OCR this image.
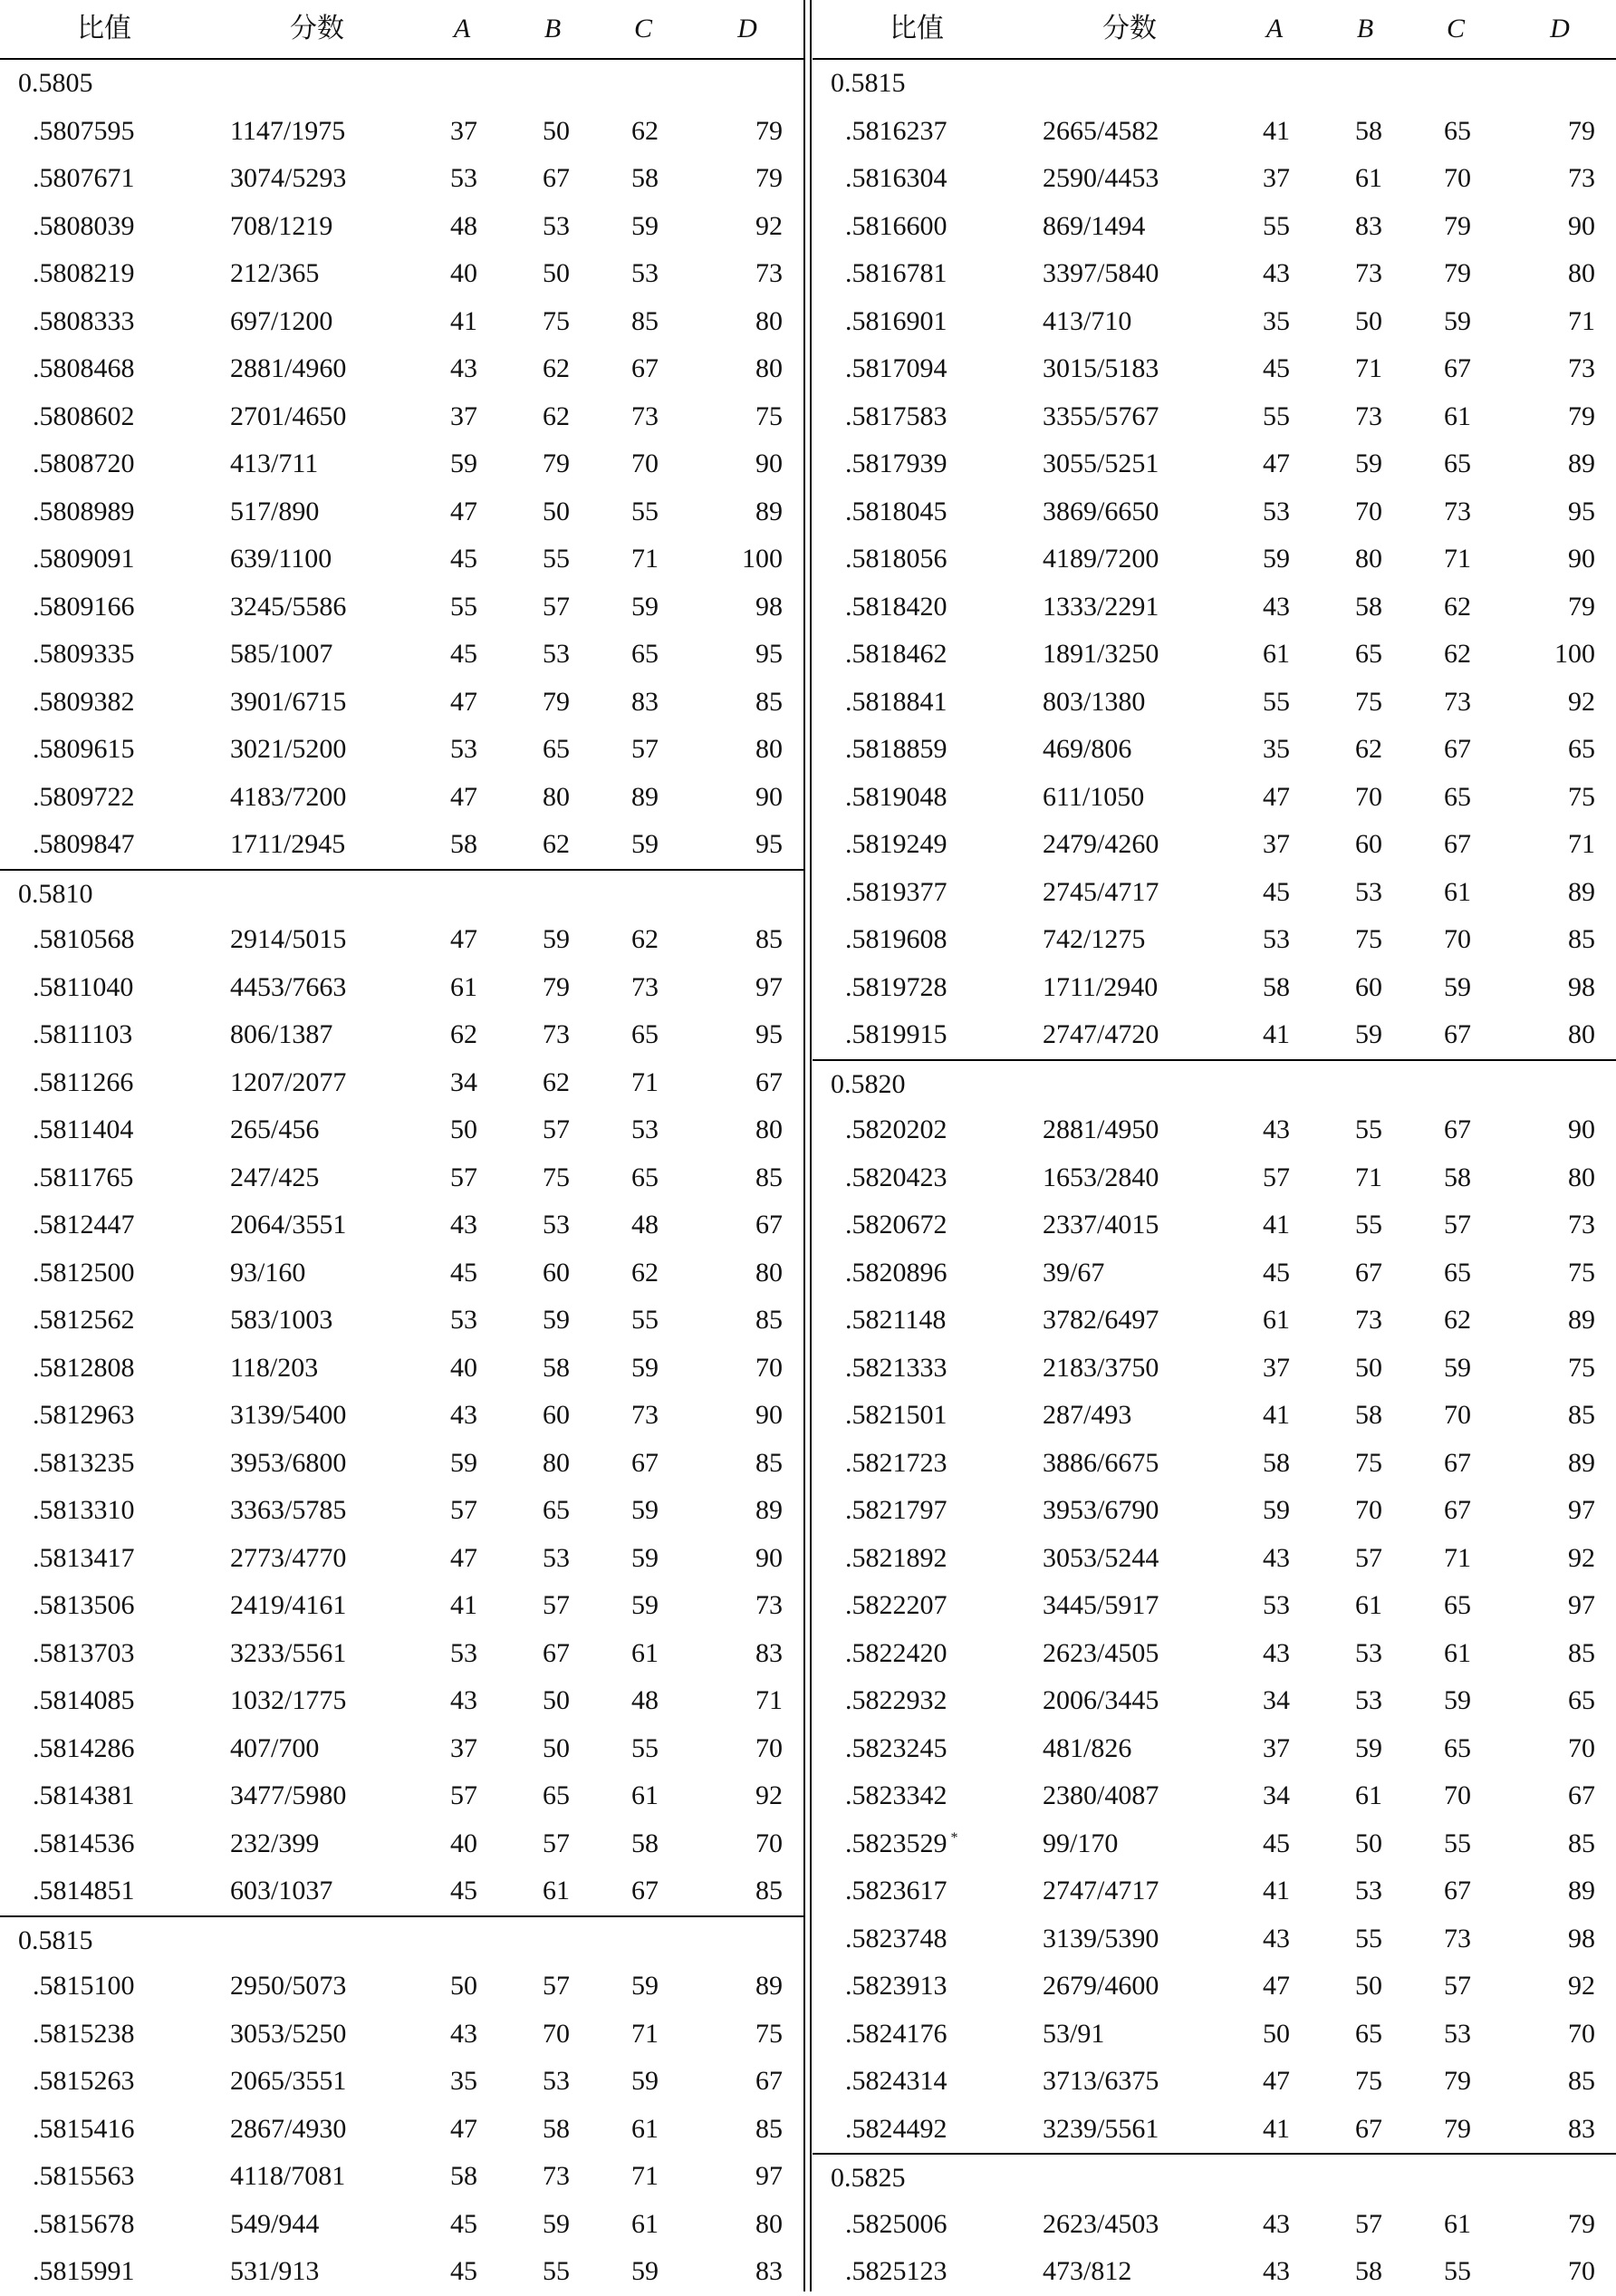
比值	分数	A	B	C	D
0.5805
.5807595	1147/1975	37	50	62	79
.5807671	3074/5293	53	67	58	79
.5808039	708/1219	48	53	59	92
.5808219	212/365	40	50	53	73
.5808333	697/1200	41	75	85	80
.5808468	2881/4960	43	62	67	80
.5808602	2701/4650	37	62	73	75
.5808720	413/711	59	79	70	90
.5808989	517/890	47	50	55	89
.5809091	639/1100	45	55	71	100
.5809166	3245/5586	55	57	59	98
.5809335	585/1007	45	53	65	95
.5809382	3901/6715	47	79	83	85
.5809615	3021/5200	53	65	57	80
.5809722	4183/7200	47	80	89	90
.5809847	1711/2945	58	62	59	95
0.5810
.5810568	2914/5015	47	59	62	85
.5811040	4453/7663	61	79	73	97
.5811103	806/1387	62	73	65	95
.5811266	1207/2077	34	62	71	67
.5811404	265/456	50	57	53	80
.5811765	247/425	57	75	65	85
.5812447	2064/3551	43	53	48	67
.5812500	93/160	45	60	62	80
.5812562	583/1003	53	59	55	85
.5812808	118/203	40	58	59	70
.5812963	3139/5400	43	60	73	90
.5813235	3953/6800	59	80	67	85
.5813310	3363/5785	57	65	59	89
.5813417	2773/4770	47	53	59	90
.5813506	2419/4161	41	57	59	73
.5813703	3233/5561	53	67	61	83
.5814085	1032/1775	43	50	48	71
.5814286	407/700	37	50	55	70
.5814381	3477/5980	57	65	61	92
.5814536	232/399	40	57	58	70
.5814851	603/1037	45	61	67	85
0.5815
.5815100	2950/5073	50	57	59	89
.5815238	3053/5250	43	70	71	75
.5815263	2065/3551	35	53	59	67
.5815416	2867/4930	47	58	61	85
.5815563	4118/7081	58	73	71	97
.5815678	549/944	45	59	61	80
.5815991	531/913	45	55	59	83
比值	分数	A	B	C	D
0.5815
.5816237	2665/4582	41	58	65	79
.5816304	2590/4453	37	61	70	73
.5816600	869/1494	55	83	79	90
.5816781	3397/5840	43	73	79	80
.5816901	413/710	35	50	59	71
.5817094	3015/5183	45	71	67	73
.5817583	3355/5767	55	73	61	79
.5817939	3055/5251	47	59	65	89
.5818045	3869/6650	53	70	73	95
.5818056	4189/7200	59	80	71	90
.5818420	1333/2291	43	58	62	79
.5818462	1891/3250	61	65	62	100
.5818841	803/1380	55	75	73	92
.5818859	469/806	35	62	67	65
.5819048	611/1050	47	70	65	75
.5819249	2479/4260	37	60	67	71
.5819377	2745/4717	45	53	61	89
.5819608	742/1275	53	75	70	85
.5819728	1711/2940	58	60	59	98
.5819915	2747/4720	41	59	67	80
0.5820
.5820202	2881/4950	43	55	67	90
.5820423	1653/2840	57	71	58	80
.5820672	2337/4015	41	55	57	73
.5820896	39/67	45	67	65	75
.5821148	3782/6497	61	73	62	89
.5821333	2183/3750	37	50	59	75
.5821501	287/493	41	58	70	85
.5821723	3886/6675	58	75	67	89
.5821797	3953/6790	59	70	67	97
.5821892	3053/5244	43	57	71	92
.5822207	3445/5917	53	61	65	97
.5822420	2623/4505	43	53	61	85
.5822932	2006/3445	34	53	59	65
.5823245	481/826	37	59	65	70
.5823342	2380/4087	34	61	70	67
.5823529 *	99/170	45	50	55	85
.5823617	2747/4717	41	53	67	89
.5823748	3139/5390	43	55	73	98
.5823913	2679/4600	47	50	57	92
.5824176	53/91	50	65	53	70
.5824314	3713/6375	47	75	79	85
.5824492	3239/5561	41	67	79	83
0.5825
.5825006	2623/4503	43	57	61	79
.5825123	473/812	43	58	55	70
